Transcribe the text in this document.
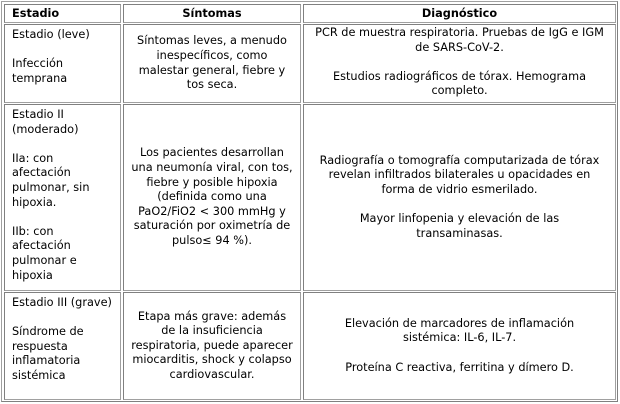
Estadio	Síntomas	Diagnóstico
Estadio (leve)

Infección temprana
Síntomas leves, a menudo inespecíficos, como malestar general, fiebre y tos seca.
PCR de muestra respiratoria. Pruebas de IgG e IGM de SARS-CoV-2.

Estudios radiográficos de tórax. Hemograma completo.
Estadio II (moderado)

IIa: con afectación pulmonar, sin hipoxia.

IIb: con afectación pulmonar e hipoxia
Los pacientes desarrollan una neumonía viral, con tos, fiebre y posible hipoxia (definida como una PaO2/FiO2 < 300 mmHg y saturación por oximetría de pulso≤ 94 %).
Radiografía o tomografía computarizada de tórax revelan infiltrados bilaterales u opacidades en forma de vidrio esmerilado.

Mayor linfopenia y elevación de las transaminasas.
Estadio III (grave)

Síndrome de respuesta inflamatoria sistémica
Etapa más grave: además de la insuficiencia respiratoria, puede aparecer miocarditis, shock y colapso cardiovascular.
Elevación de marcadores de inflamación sistémica: IL-6, IL-7.

Proteína C reactiva, ferritina y dímero D.
